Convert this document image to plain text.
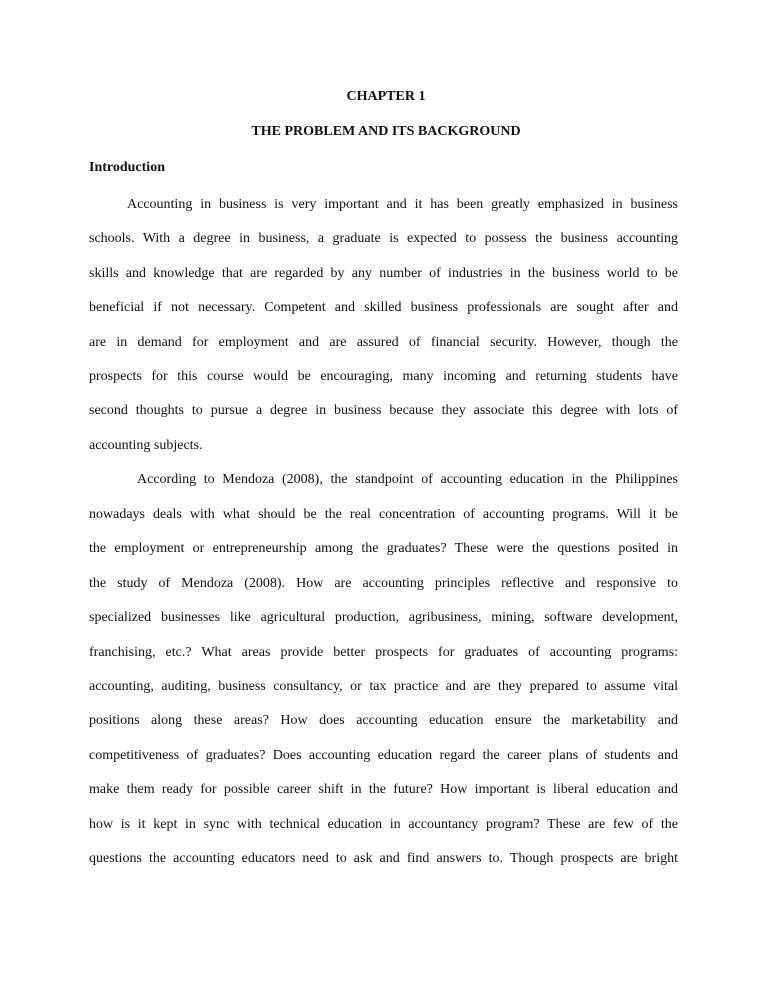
CHAPTER 1
THE PROBLEM AND ITS BACKGROUND
Introduction
Accounting in business is very important and it has been greatly emphasized in business
schools. With a degree in business, a graduate is expected to possess the business accounting
skills and knowledge that are regarded by any number of industries in the business world to be
beneficial if not necessary. Competent and skilled business professionals are sought after and
are in demand for employment and are assured of financial security. However, though the
prospects for this course would be encouraging, many incoming and returning students have
second thoughts to pursue a degree in business because they associate this degree with lots of
accounting subjects.
According to Mendoza (2008), the standpoint of accounting education in the Philippines
nowadays deals with what should be the real concentration of accounting programs. Will it be
the employment or entrepreneurship among the graduates? These were the questions posited in
the study of Mendoza (2008). How are accounting principles reflective and responsive to
specialized businesses like agricultural production, agribusiness, mining, software development,
franchising, etc.? What areas provide better prospects for graduates of accounting programs:
accounting, auditing, business consultancy, or tax practice and are they prepared to assume vital
positions along these areas? How does accounting education ensure the marketability and
competitiveness of graduates? Does accounting education regard the career plans of students and
make them ready for possible career shift in the future? How important is liberal education and
how is it kept in sync with technical education in accountancy program? These are few of the
questions the accounting educators need to ask and find answers to. Though prospects are bright
